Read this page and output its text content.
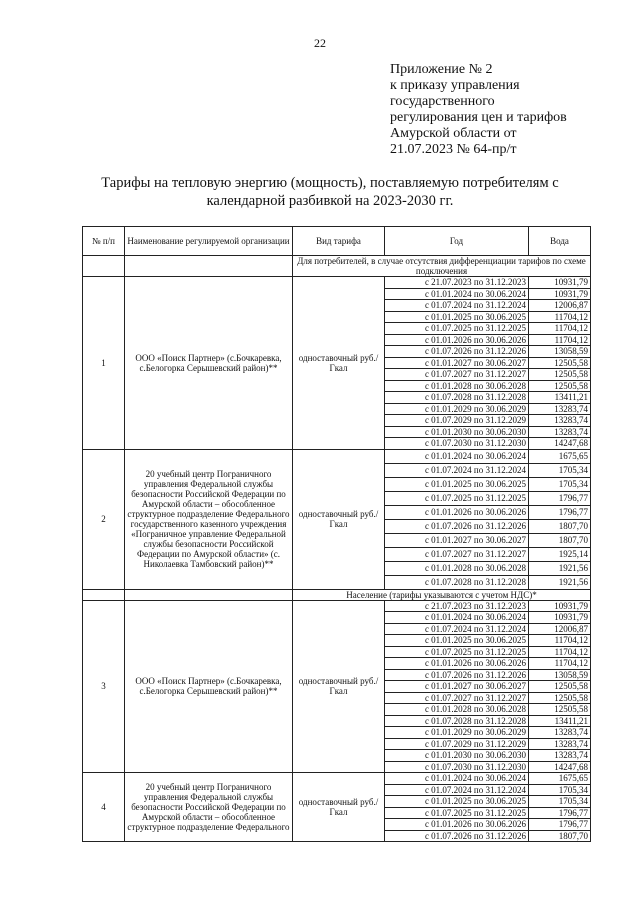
22
Приложение № 2
к приказу управления
государственного
регулирования цен и тарифов
Амурской области от
21.07.2023 № 64-пр/т
Тарифы на тепловую энергию (мощность), поставляемую потребителям с
календарной разбивкой на 2023-2030 гг.
№ п/п	Наименование регулируемой организации	Вид тарифа	Год	Вода
		Для потребителей, в случае отсутствия дифференциации тарифов по схеме подключения		
1	ООО «Поиск Партнер» (с.Бочкаревка, с.Белогорка Серышевский район)**	одноставочный руб./Гкал	с 21.07.2023 по 31.12.2023	10931,79
			с 01.01.2024 по 30.06.2024	10931,79
			с 01.07.2024 по 31.12.2024	12006,87
			с 01.01.2025 по 30.06.2025	11704,12
			с 01.07.2025 по 31.12.2025	11704,12
			с 01.01.2026 по 30.06.2026	11704,12
			с 01.07.2026 по 31.12.2026	13058,59
			с 01.01.2027 по 30.06.2027	12505,58
			с 01.07.2027 по 31.12.2027	12505,58
			с 01.01.2028 по 30.06.2028	12505,58
			с 01.07.2028 по 31.12.2028	13411,21
			с 01.01.2029 по 30.06.2029	13283,74
			с 01.07.2029 по 31.12.2029	13283,74
			с 01.01.2030 по 30.06.2030	13283,74
			с 01.07.2030 по 31.12.2030	14247,68
2	20 учебный центр Пограничного управления Федеральной службы безопасности Российской Федерации по Амурской области – обособленное структурное подразделение Федерального государственного казенного учреждения «Пограничное управление Федеральной службы безопасности Российской Федерации по Амурской области» (с. Николаевка Тамбовский район)**	одноставочный руб./Гкал	с 01.01.2024 по 30.06.2024	1675,65
			с 01.07.2024 по 31.12.2024	1705,34
			с 01.01.2025 по 30.06.2025	1705,34
			с 01.07.2025 по 31.12.2025	1796,77
			с 01.01.2026 по 30.06.2026	1796,77
			с 01.07.2026 по 31.12.2026	1807,70
			с 01.01.2027 по 30.06.2027	1807,70
			с 01.07.2027 по 31.12.2027	1925,14
			с 01.01.2028 по 30.06.2028	1921,56
			с 01.07.2028 по 31.12.2028	1921,56
		Население (тарифы указываются с учетом НДС)*		
3	ООО «Поиск Партнер» (с.Бочкаревка, с.Белогорка Серышевский район)**	одноставочный руб./Гкал	с 21.07.2023 по 31.12.2023	10931,79
			с 01.01.2024 по 30.06.2024	10931,79
			с 01.07.2024 по 31.12.2024	12006,87
			с 01.01.2025 по 30.06.2025	11704,12
			с 01.07.2025 по 31.12.2025	11704,12
			с 01.01.2026 по 30.06.2026	11704,12
			с 01.07.2026 по 31.12.2026	13058,59
			с 01.01.2027 по 30.06.2027	12505,58
			с 01.07.2027 по 31.12.2027	12505,58
			с 01.01.2028 по 30.06.2028	12505,58
			с 01.07.2028 по 31.12.2028	13411,21
			с 01.01.2029 по 30.06.2029	13283,74
			с 01.07.2029 по 31.12.2029	13283,74
			с 01.01.2030 по 30.06.2030	13283,74
			с 01.07.2030 по 31.12.2030	14247,68
4	20 учебный центр Пограничного управления Федеральной службы безопасности Российской Федерации по Амурской области – обособленное структурное подразделение Федерального	одноставочный руб./Гкал	с 01.01.2024 по 30.06.2024	1675,65
			с 01.07.2024 по 31.12.2024	1705,34
			с 01.01.2025 по 30.06.2025	1705,34
			с 01.07.2025 по 31.12.2025	1796,77
			с 01.01.2026 по 30.06.2026	1796,77
			с 01.07.2026 по 31.12.2026	1807,70
